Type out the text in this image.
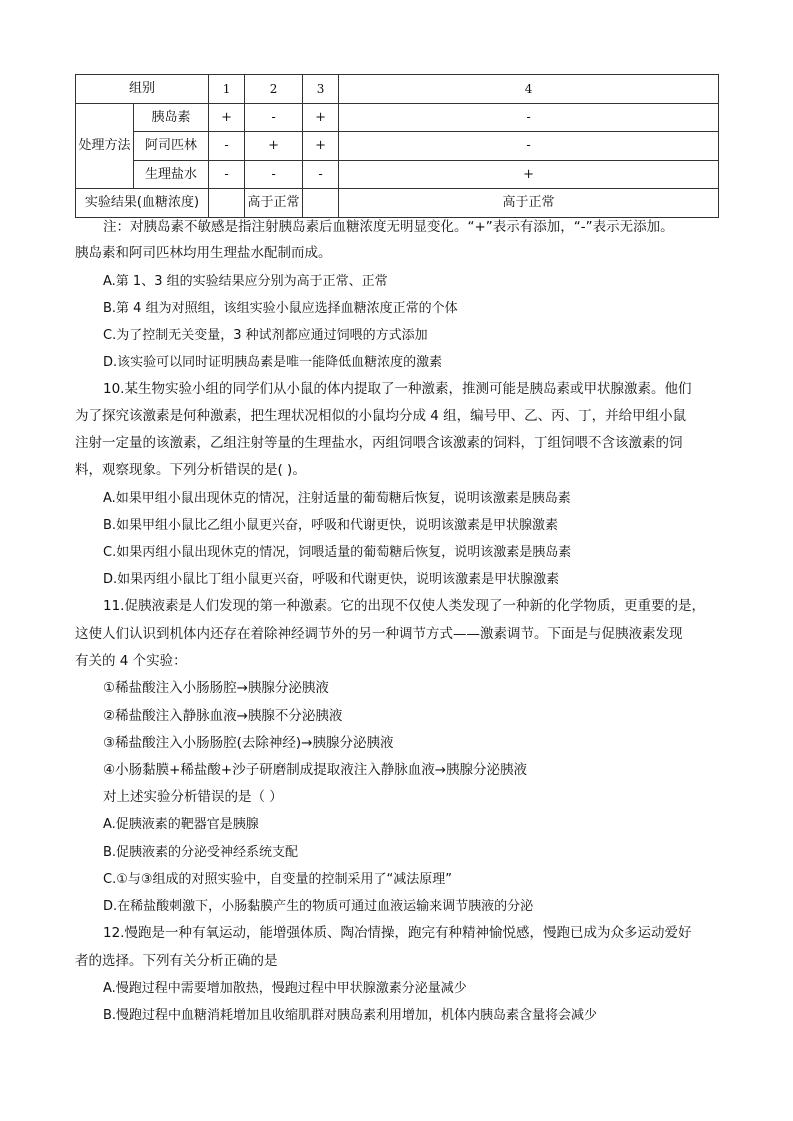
组别		1	2	3	4
处理方法	胰岛素	+	-	+	-
	阿司匹林	-	+	+	-
	生理盐水	-	-	-	+
实验结果(血糖浓度)			高于正常		高于正常
注：对胰岛素不敏感是指注射胰岛素后血糖浓度无明显变化。“+”表示有添加，“-”表示无添加。
胰岛素和阿司匹林均用生理盐水配制而成。
A.第 1、3 组的实验结果应分别为高于正常、正常
B.第 4 组为对照组，该组实验小鼠应选择血糖浓度正常的个体
C.为了控制无关变量，3 种试剂都应通过饲喂的方式添加
D.该实验可以同时证明胰岛素是唯一能降低血糖浓度的激素
10.某生物实验小组的同学们从小鼠的体内提取了一种激素，推测可能是胰岛素或甲状腺激素。他们
为了探究该激素是何种激素，把生理状况相似的小鼠均分成 4 组，编号甲、乙、丙、丁，并给甲组小鼠
注射一定量的该激素，乙组注射等量的生理盐水，丙组饲喂含该激素的饲料，丁组饲喂不含该激素的饲
料，观察现象。下列分析错误的是( )。
A.如果甲组小鼠出现休克的情况，注射适量的葡萄糖后恢复，说明该激素是胰岛素
B.如果甲组小鼠比乙组小鼠更兴奋，呼吸和代谢更快，说明该激素是甲状腺激素
C.如果丙组小鼠出现休克的情况，饲喂适量的葡萄糖后恢复，说明该激素是胰岛素
D.如果丙组小鼠比丁组小鼠更兴奋，呼吸和代谢更快，说明该激素是甲状腺激素
11.促胰液素是人们发现的第一种激素。它的出现不仅使人类发现了一种新的化学物质，更重要的是，
这使人们认识到机体内还存在着除神经调节外的另一种调节方式——激素调节。下面是与促胰液素发现
有关的 4 个实验：
①稀盐酸注入小肠肠腔→胰腺分泌胰液
②稀盐酸注入静脉血液→胰腺不分泌胰液
③稀盐酸注入小肠肠腔(去除神经)→胰腺分泌胰液
④小肠黏膜+稀盐酸+沙子研磨制成提取液注入静脉血液→胰腺分泌胰液
对上述实验分析错误的是（ ）
A.促胰液素的靶器官是胰腺
B.促胰液素的分泌受神经系统支配
C.①与③组成的对照实验中，自变量的控制采用了“减法原理”
D.在稀盐酸刺激下，小肠黏膜产生的物质可通过血液运输来调节胰液的分泌
12.慢跑是一种有氧运动，能增强体质、陶冶情操，跑完有种精神愉悦感，慢跑已成为众多运动爱好
者的选择。下列有关分析正确的是
A.慢跑过程中需要增加散热，慢跑过程中甲状腺激素分泌量减少
B.慢跑过程中血糖消耗增加且收缩肌群对胰岛素利用增加，机体内胰岛素含量将会减少
